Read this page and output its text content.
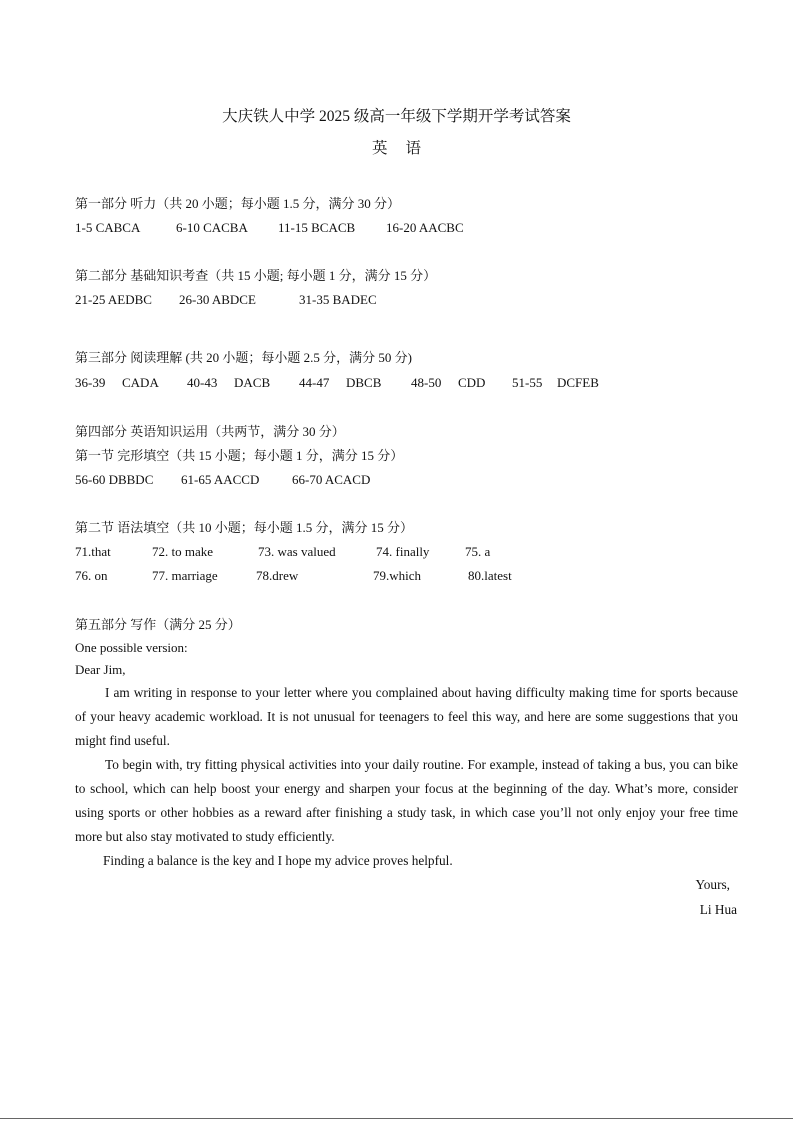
大庆铁人中学 2025 级高一年级下学期开学考试答案
英语
第一部分 听力（共 20 小题；每小题 1.5 分，满分 30 分）
1-5 CABCA	6-10 CACBA 11-15 BCACB 16-20 AACBC
第二部分 基础知识考查（共 15 小题; 每小题 1 分，满分 15 分）
21-25 AEDBC 26-30 ABDCE	31-35 BADEC
第三部分 阅读理解 (共 20 小题；每小题 2.5 分，满分 50 分)
36-39 CADA 40-43 DACB 44-47 DBCB 48-50 CDD 51-55 DCFEB
第四部分 英语知识运用（共两节，满分 30 分）
第一节 完形填空（共 15 小题；每小题 1 分，满分 15 分）
56-60 DBBDC 61-65 AACCD	66-70 ACACD
第二节 语法填空（共 10 小题；每小题 1.5 分，满分 15 分）
71.that	72. to make	73. was valued	74. finally	75. a
76. on	77. marriage	78.drew	79.which	80.latest
第五部分 写作（满分 25 分）
One possible version:
Dear Jim,

I am writing in response to your letter where you complained about having difficulty making time for sports because of your heavy academic workload. It is not unusual for teenagers to feel this way, and here are some suggestions that you might find useful.

To begin with, try fitting physical activities into your daily routine. For example, instead of taking a bus, you can bike to school, which can help boost your energy and sharpen your focus at the beginning of the day. What’s more, consider using sports or other hobbies as a reward after finishing a study task, in which case you’ll not only enjoy your free time more but also stay motivated to study efficiently.

Finding a balance is the key and I hope my advice proves helpful.

Yours,
Li Hua
